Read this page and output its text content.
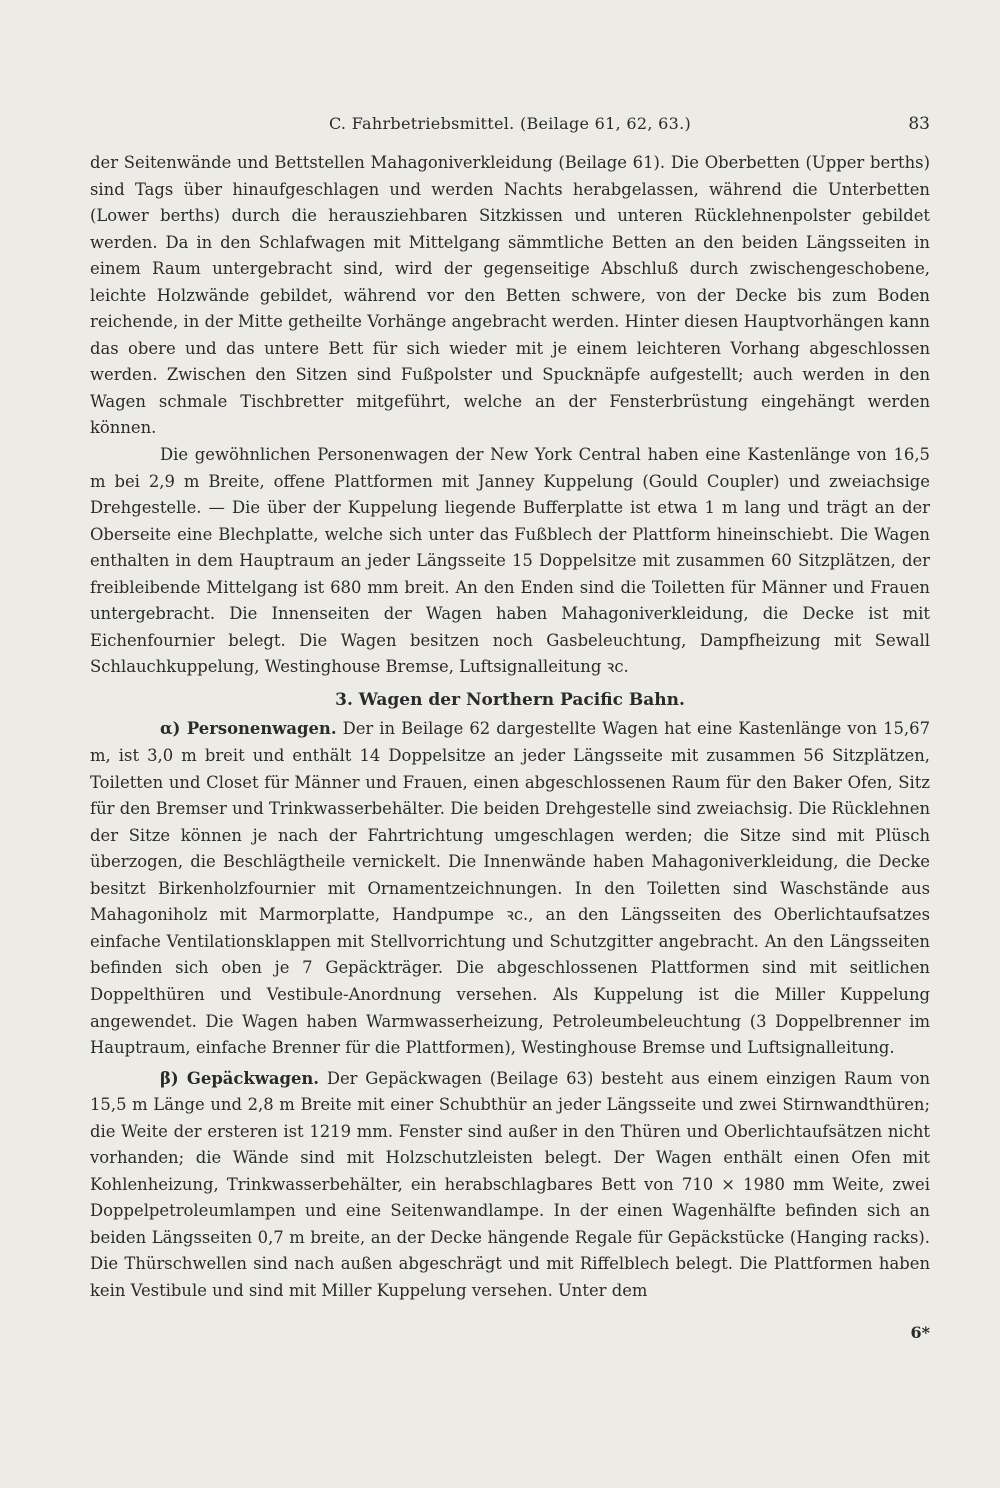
C. Fahrbetriebsmittel. (Beilage 61, 62, 63.)	83

der Seitenwände und Bettstellen Mahagoniverkleidung (Beilage 61). Die Oberbetten (Upper berths) sind Tags über hinaufgeschlagen und werden Nachts herabgelassen, während die Unterbetten (Lower berths) durch die herausziehbaren Sitzkissen und unteren Rücklehnenpolster gebildet werden. Da in den Schlafwagen mit Mittelgang sämmtliche Betten an den beiden Längsseiten in einem Raum untergebracht sind, wird der gegenseitige Abschluß durch zwischengeschobene, leichte Holzwände gebildet, während vor den Betten schwere, von der Decke bis zum Boden reichende, in der Mitte getheilte Vorhänge angebracht werden. Hinter diesen Hauptvorhängen kann das obere und das untere Bett für sich wieder mit je einem leichteren Vorhang abgeschlossen werden. Zwischen den Sitzen sind Fußpolster und Spucknäpfe aufgestellt; auch werden in den Wagen schmale Tischbretter mitgeführt, welche an der Fensterbrüstung eingehängt werden können.

Die gewöhnlichen Personenwagen der New York Central haben eine Kastenlänge von 16,5 m bei 2,9 m Breite, offene Plattformen mit Janney Kuppelung (Gould Coupler) und zweiachsige Drehgestelle. — Die über der Kuppelung liegende Bufferplatte ist etwa 1 m lang und trägt an der Oberseite eine Blechplatte, welche sich unter das Fußblech der Plattform hineinschiebt. Die Wagen enthalten in dem Hauptraum an jeder Längsseite 15 Doppelsitze mit zusammen 60 Sitzplätzen, der freibleibende Mittelgang ist 680 mm breit. An den Enden sind die Toiletten für Männer und Frauen untergebracht. Die Innenseiten der Wagen haben Mahagoniverkleidung, die Decke ist mit Eichenfournier belegt. Die Wagen besitzen noch Gasbeleuchtung, Dampfheizung mit Sewall Schlauchkuppelung, Westinghouse Bremse, Luftsignalleitung ꝛc.

3. Wagen der Northern Pacific Bahn.

α) Personenwagen. Der in Beilage 62 dargestellte Wagen hat eine Kastenlänge von 15,67 m, ist 3,0 m breit und enthält 14 Doppelsitze an jeder Längsseite mit zusammen 56 Sitzplätzen, Toiletten und Closet für Männer und Frauen, einen abgeschlossenen Raum für den Baker Ofen, Sitz für den Bremser und Trinkwasserbehälter. Die beiden Drehgestelle sind zweiachsig. Die Rücklehnen der Sitze können je nach der Fahrtrichtung umgeschlagen werden; die Sitze sind mit Plüsch überzogen, die Beschlägtheile vernickelt. Die Innenwände haben Mahagoniverkleidung, die Decke besitzt Birkenholzfournier mit Ornamentzeichnungen. In den Toiletten sind Waschstände aus Mahagoniholz mit Marmorplatte, Handpumpe ꝛc., an den Längsseiten des Oberlichtaufsatzes einfache Ventilationsklappen mit Stellvorrichtung und Schutzgitter angebracht. An den Längsseiten befinden sich oben je 7 Gepäckträger. Die abgeschlossenen Plattformen sind mit seitlichen Doppelthüren und Vestibule-Anordnung versehen. Als Kuppelung ist die Miller Kuppelung angewendet. Die Wagen haben Warmwasserheizung, Petroleumbeleuchtung (3 Doppelbrenner im Hauptraum, einfache Brenner für die Plattformen), Westinghouse Bremse und Luftsignalleitung.

β) Gepäckwagen. Der Gepäckwagen (Beilage 63) besteht aus einem einzigen Raum von 15,5 m Länge und 2,8 m Breite mit einer Schubthür an jeder Längsseite und zwei Stirnwandthüren; die Weite der ersteren ist 1219 mm. Fenster sind außer in den Thüren und Oberlichtaufsätzen nicht vorhanden; die Wände sind mit Holzschutzleisten belegt. Der Wagen enthält einen Ofen mit Kohlenheizung, Trinkwasserbehälter, ein herabschlagbares Bett von 710 × 1980 mm Weite, zwei Doppelpetroleumlampen und eine Seitenwandlampe. In der einen Wagenhälfte befinden sich an beiden Längsseiten 0,7 m breite, an der Decke hängende Regale für Gepäckstücke (Hanging racks). Die Thürschwellen sind nach außen abgeschrägt und mit Riffelblech belegt. Die Plattformen haben kein Vestibule und sind mit Miller Kuppelung versehen. Unter dem

6*
